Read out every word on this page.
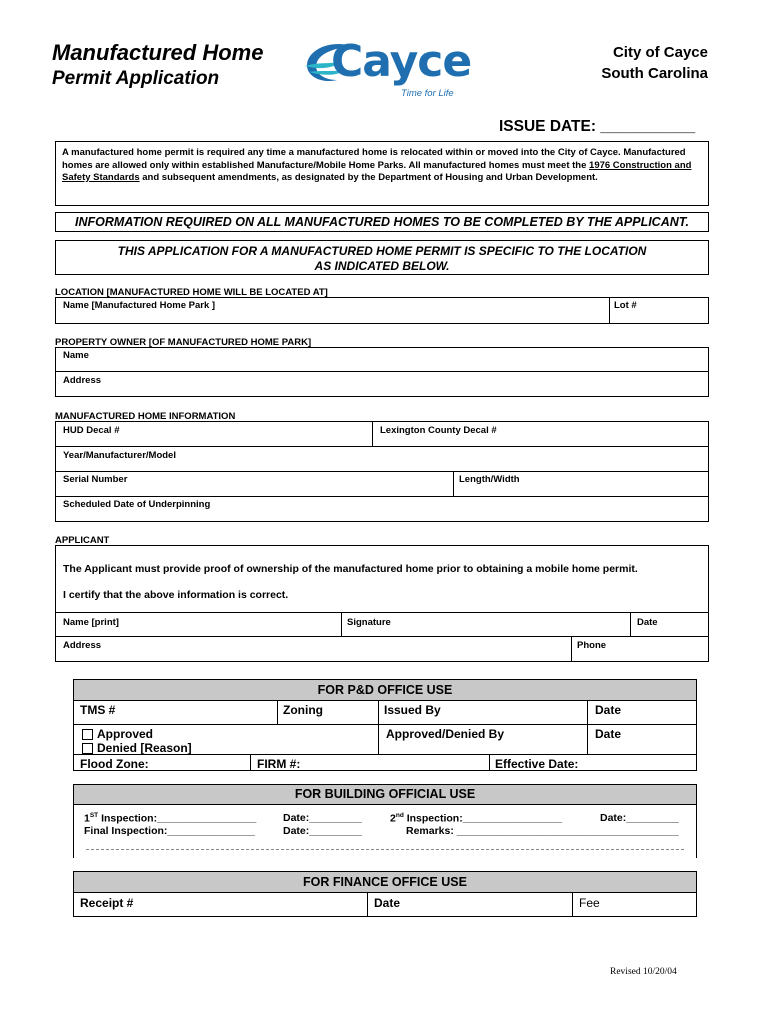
Manufactured Home
Permit Application	Cayce
Time for Life
City of Cayce
South Carolina
ISSUE DATE: ___________
A manufactured home permit is required any time a manufactured home is relocated within or moved into the City of Cayce. Manufactured homes are allowed only within established Manufacture/Mobile Home Parks. All manufactured homes must meet the 1976 Construction and Safety Standards and subsequent amendments, as designated by the Department of Housing and Urban Development.
INFORMATION REQUIRED ON ALL MANUFACTURED HOMES TO BE COMPLETED BY THE APPLICANT.
THIS APPLICATION FOR A MANUFACTURED HOME PERMIT IS SPECIFIC TO THE LOCATION AS INDICATED BELOW.
LOCATION [MANUFACTURED HOME WILL BE LOCATED AT]
Name [Manufactured Home Park ]	Lot #
PROPERTY OWNER [OF MANUFACTURED HOME PARK]
Name
Address
MANUFACTURED HOME INFORMATION
HUD Decal #	Lexington County Decal #
Year/Manufacturer/Model
Serial Number	Length/Width
Scheduled Date of Underpinning
APPLICANT
The Applicant must provide proof of ownership of the manufactured home prior to obtaining a mobile home permit.
I certify that the above information is correct.
Name [print]	Signature	Date
Address	Phone
FOR P&D OFFICE USE
TMS #	Zoning	Issued By	Date
Approved
Denied [Reason]
Approved/Denied By	Date
Flood Zone:	FIRM #:	Effective Date:
FOR BUILDING OFFICIAL USE
1ST Inspection:_________________	Date:_________	2nd Inspection:_________________	Date:_________
Final Inspection:_______________	Date:_________	Remarks: ______________________________________
FOR FINANCE OFFICE USE
Receipt #	Date	Fee
Revised 10/20/04
